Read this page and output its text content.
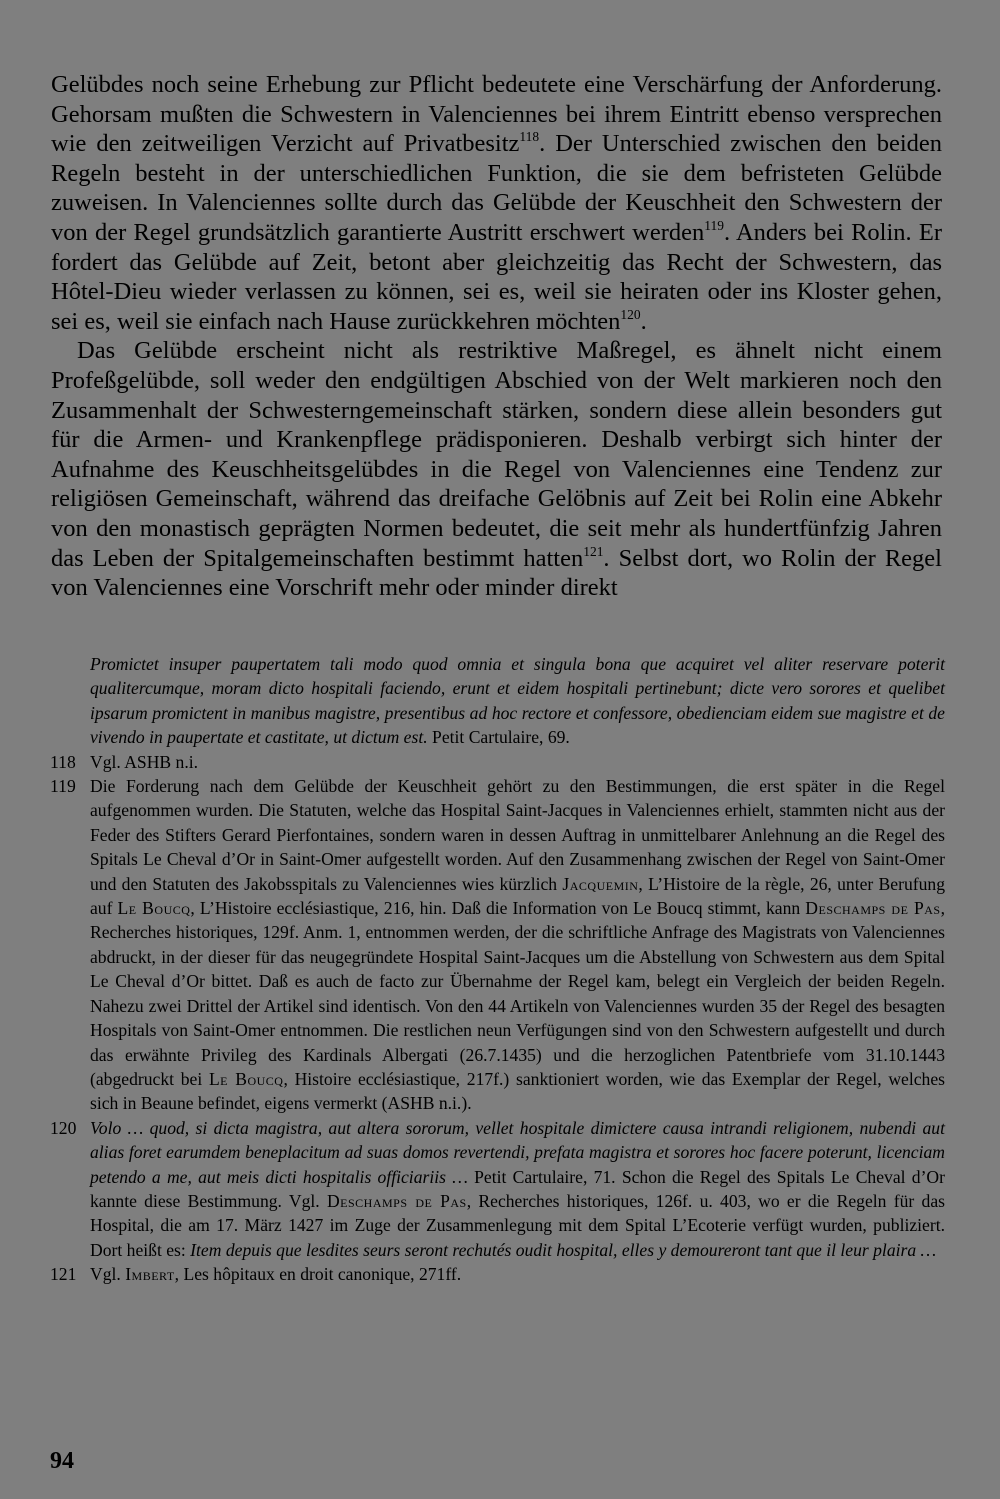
Gelübdes noch seine Erhebung zur Pflicht bedeutete eine Verschärfung der Anforderung. Gehorsam mußten die Schwestern in Valenciennes bei ihrem Eintritt ebenso versprechen wie den zeitweiligen Verzicht auf Privatbesitz$^{118}$. Der Unterschied zwischen den beiden Regeln besteht in der unterschiedlichen Funktion, die sie dem befristeten Gelübde zuweisen. In Valenciennes sollte durch das Gelübde der Keuschheit den Schwestern der von der Regel grundsätzlich garantierte Austritt erschwert werden$^{119}$. Anders bei Rolin. Er fordert das Gelübde auf Zeit, betont aber gleichzeitig das Recht der Schwestern, das Hôtel-Dieu wieder verlassen zu können, sei es, weil sie heiraten oder ins Kloster gehen, sei es, weil sie einfach nach Hause zurückkehren möchten$^{120}$.

Das Gelübde erscheint nicht als restriktive Maßregel, es ähnelt nicht einem Profeßgelübde, soll weder den endgültigen Abschied von der Welt markieren noch den Zusammenhalt der Schwesterngemeinschaft stärken, sondern diese allein besonders gut für die Armen- und Krankenpflege prädisponieren. Deshalb verbirgt sich hinter der Aufnahme des Keuschheitsgelübdes in die Regel von Valenciennes eine Tendenz zur religiösen Gemeinschaft, während das dreifache Gelöbnis auf Zeit bei Rolin eine Abkehr von den monastisch geprägten Normen bedeutet, die seit mehr als hundertfünfzig Jahren das Leben der Spitalgemeinschaften bestimmt hatten$^{121}$. Selbst dort, wo Rolin der Regel von Valenciennes eine Vorschrift mehr oder minder direkt

Promictet insuper paupertatem tali modo quod omnia et singula bona que acquiret vel aliter reservare poterit qualitercumque, moram dicto hospitali faciendo, erunt et eidem hospitali pertinebunt; dicte vero sorores et quelibet ipsarum promictent in manibus magistre, presentibus ad hoc rectore et confessore, obedienciam eidem sue magistre et de vivendo in paupertate et castitate, ut dictum est. Petit Cartulaire, 69.
118 Vgl. ASHB n.i.
119 Die Forderung nach dem Gelübde der Keuschheit gehört zu den Bestimmungen, die erst später in die Regel aufgenommen wurden. Die Statuten, welche das Hospital Saint-Jacques in Valenciennes erhielt, stammten nicht aus der Feder des Stifters Gerard Pierfontaines, sondern waren in dessen Auftrag in unmittelbarer Anlehnung an die Regel des Spitals Le Cheval d’Or in Saint-Omer aufgestellt worden. Auf den Zusammenhang zwischen der Regel von Saint-Omer und den Statuten des Jakobsspitals zu Valenciennes wies kürzlich Jacquemin, L’Histoire de la règle, 26, unter Berufung auf Le Boucq, L’Histoire ecclésiastique, 216, hin. Daß die Information von Le Boucq stimmt, kann Deschamps de Pas, Recherches historiques, 129f. Anm. 1, entnommen werden, der die schriftliche Anfrage des Magistrats von Valenciennes abdruckt, in der dieser für das neugegründete Hospital Saint-Jacques um die Abstellung von Schwestern aus dem Spital Le Cheval d’Or bittet. Daß es auch de facto zur Übernahme der Regel kam, belegt ein Vergleich der beiden Regeln. Nahezu zwei Drittel der Artikel sind identisch. Von den 44 Artikeln von Valenciennes wurden 35 der Regel des besagten Hospitals von Saint-Omer entnommen. Die restlichen neun Verfügungen sind von den Schwestern aufgestellt und durch das erwähnte Privileg des Kardinals Albergati (26.7.1435) und die herzoglichen Patentbriefe vom 31.10.1443 (abgedruckt bei Le Boucq, Histoire ecclésiastique, 217f.) sanktioniert worden, wie das Exemplar der Regel, welches sich in Beaune befindet, eigens vermerkt (ASHB n.i.).
120 Volo … quod, si dicta magistra, aut altera sororum, vellet hospitale dimictere causa intrandi religionem, nubendi aut alias foret earumdem beneplacitum ad suas domos revertendi, prefata magistra et sorores hoc facere poterunt, licenciam petendo a me, aut meis dicti hospitalis officiariis … Petit Cartulaire, 71. Schon die Regel des Spitals Le Cheval d’Or kannte diese Bestimmung. Vgl. Deschamps de Pas, Recherches historiques, 126f. u. 403, wo er die Regeln für das Hospital, die am 17. März 1427 im Zuge der Zusammenlegung mit dem Spital L’Ecoterie verfügt wurden, publiziert. Dort heißt es: Item depuis que lesdites seurs seront rechutés oudit hospital, elles y demoureront tant que il leur plaira …
121 Vgl. Imbert, Les hôpitaux en droit canonique, 271ff.
94
